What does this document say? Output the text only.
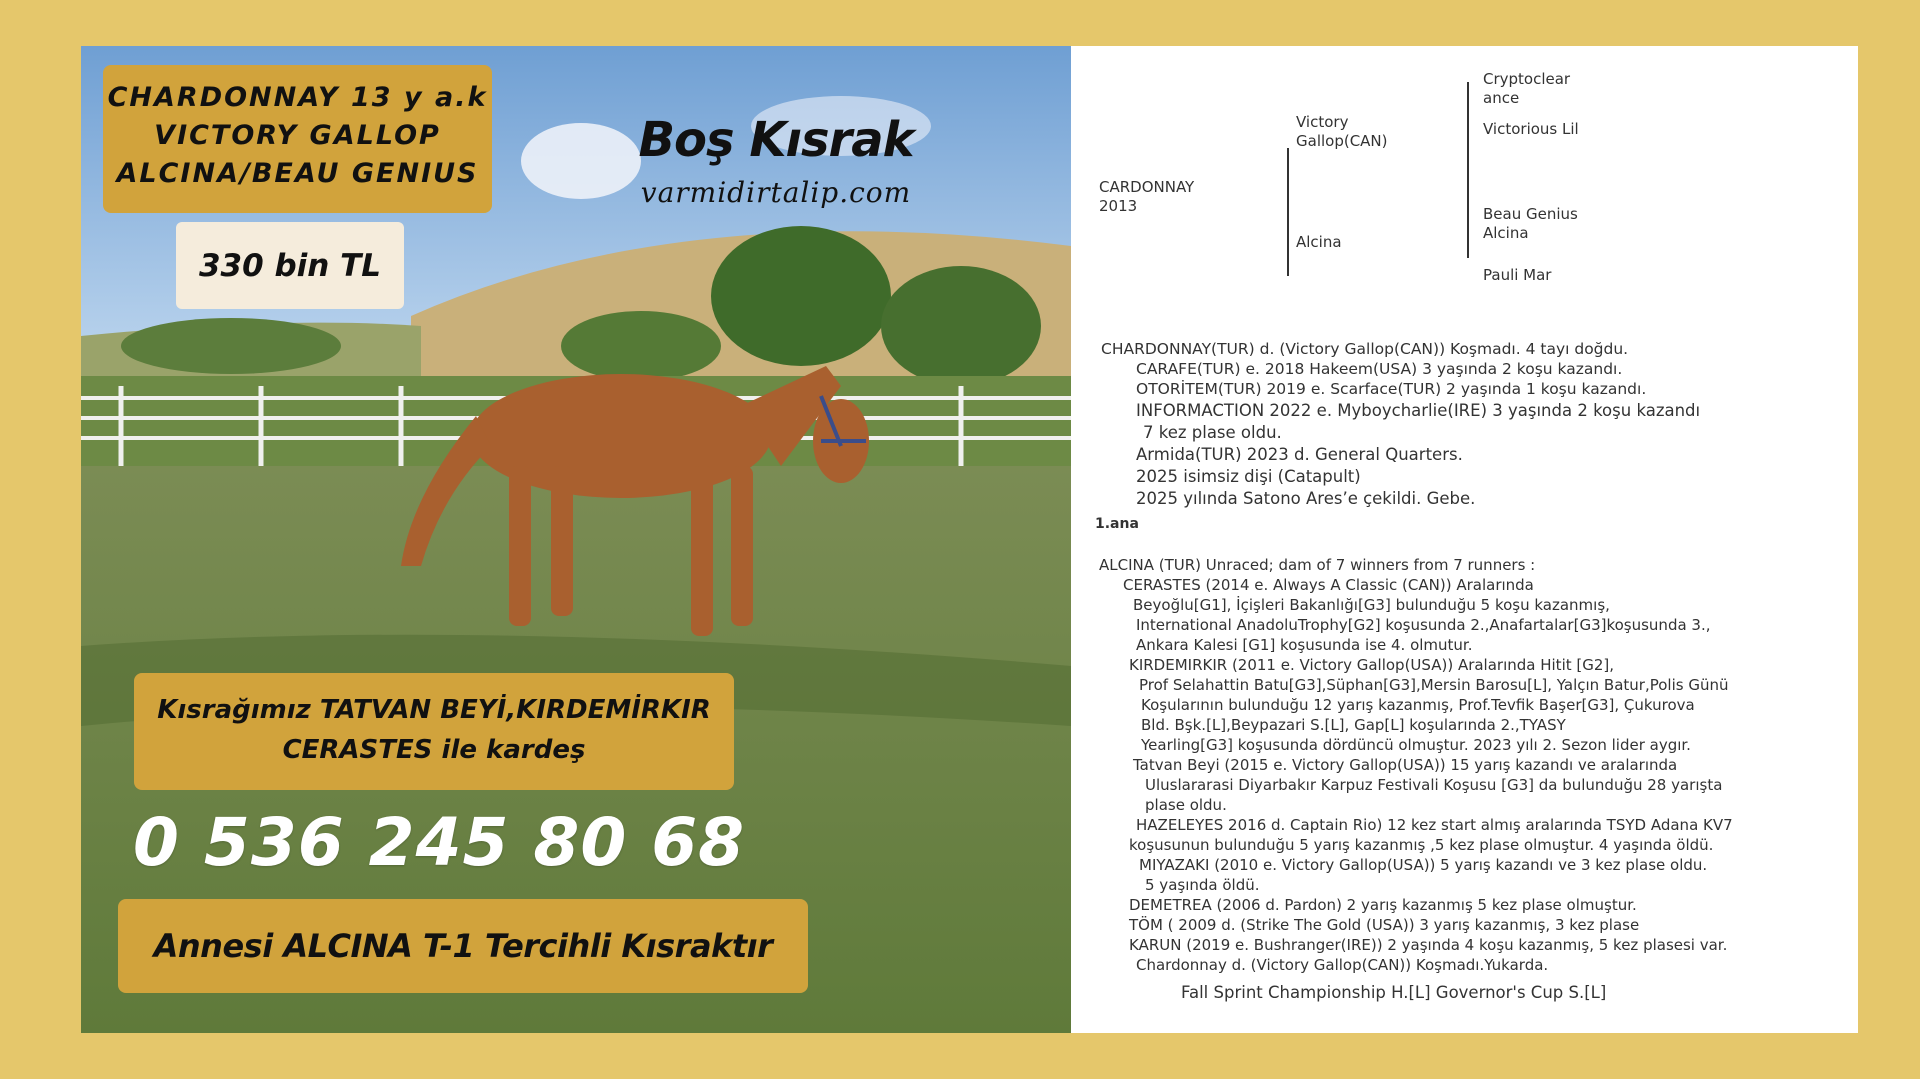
CHARDONNAY 13 y a.k
VICTORY GALLOP
ALCINA/BEAU GENIUS
330 bin TL
Boş Kısrak
varmidirtalip.com
Kısrağımız TATVAN BEYİ,KIRDEMİRKIR
CERASTES ile kardeş
0 536 245 80 68
Annesi ALCINA T-1 Tercihli Kısraktır
CARDONNAY
2013
Victory Gallop(CAN)
Alcina
Cryptoclear ance
Victorious Lil
Beau Genius Alcina
Pauli Mar
CHARDONNAY(TUR) d. (Victory Gallop(CAN)) Koşmadı. 4 tayı doğdu.
CARAFE(TUR) e. 2018 Hakeem(USA) 3 yaşında 2 koşu kazandı.
OTORİTEM(TUR) 2019 e. Scarface(TUR) 2 yaşında 1 koşu kazandı.
INFORMACTION 2022 e. Myboycharlie(IRE) 3 yaşında 2 koşu kazandı
7 kez plase oldu.
Armida(TUR) 2023 d. General Quarters.
2025 isimsiz dişi (Catapult)
2025 yılında Satono Ares’e çekildi. Gebe.
1.ana
ALCINA (TUR) Unraced; dam of 7 winners from 7 runners :
CERASTES (2014 e. Always A Classic (CAN)) Aralarında
Beyoğlu[G1], İçişleri Bakanlığı[G3] bulunduğu 5 koşu kazanmış,
International AnadoluTrophy[G2] koşusunda 2.,Anafartalar[G3]koşusunda 3.,
Ankara Kalesi [G1] koşusunda ise 4. olmutur.
KIRDEMIRKIR (2011 e. Victory Gallop(USA)) Aralarında Hitit [G2],
Prof Selahattin Batu[G3],Süphan[G3],Mersin Barosu[L], Yalçın Batur,Polis Günü
Koşularının bulunduğu 12 yarış kazanmış, Prof.Tevfik Başer[G3], Çukurova
Bld. Bşk.[L],Beypazari S.[L], Gap[L] koşularında 2.,TYASY
Yearling[G3] koşusunda dördüncü olmuştur. 2023 yılı 2. Sezon lider aygır.
Tatvan Beyi (2015 e. Victory Gallop(USA)) 15 yarış kazandı ve aralarında
Uluslararasi Diyarbakır Karpuz Festivali Koşusu [G3] da bulunduğu 28 yarışta
plase oldu.
HAZELEYES 2016 d. Captain Rio) 12 kez start almış aralarında TSYD Adana KV7
koşusunun bulunduğu 5 yarış kazanmış ,5 kez plase olmuştur. 4 yaşında öldü.
MIYAZAKI (2010 e. Victory Gallop(USA)) 5 yarış kazandı ve 3 kez plase oldu.
5 yaşında öldü.
DEMETREA (2006 d. Pardon) 2 yarış kazanmış 5 kez plase olmuştur.
TÖM ( 2009 d. (Strike The Gold (USA)) 3 yarış kazanmış, 3 kez plase
KARUN (2019 e. Bushranger(IRE)) 2 yaşında 4 koşu kazanmış, 5 kez plasesi var.
Chardonnay d. (Victory Gallop(CAN)) Koşmadı.Yukarda.
Fall Sprint Championship H.[L] Governor's Cup S.[L]
